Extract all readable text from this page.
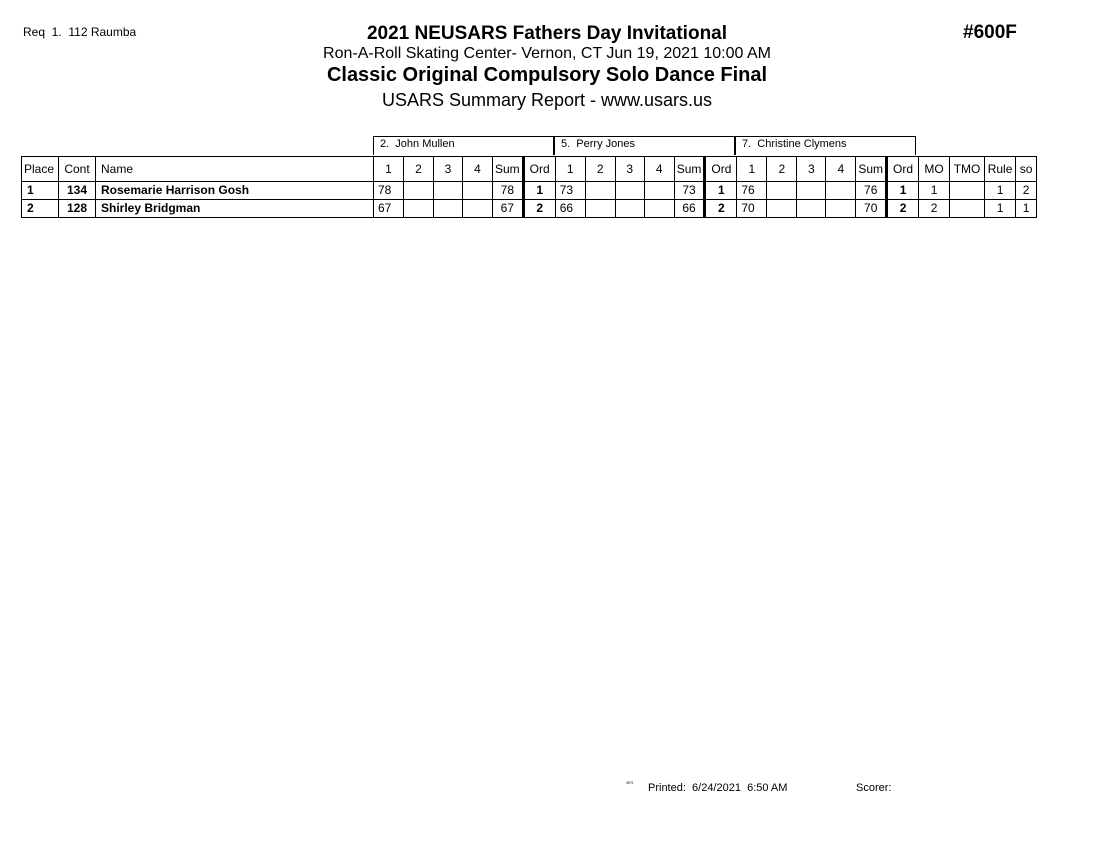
Req  1.  112 Raumba	#600F
2021 NEUSARS Fathers Day Invitational
Ron-A-Roll Skating Center- Vernon, CT Jun 19, 2021 10:00 AM
Classic Original Compulsory Solo Dance Final
USARS Summary Report - www.usars.us
2.  John Mullen	5.  Perry Jones	7.  Christine Clymens
Place	Cont	Name	1	2	3	4	Sum	Ord	1	2	3	4	Sum	Ord	1	2	3	4	Sum	Ord	MO	TMO	Rule	so
1	134	Rosemarie Harrison Gosh	78				78	1	73				73	1	76				76	1	1		1	2
2	128	Shirley Bridgman	67				67	2	66				66	2	70				70	2	2		1	1
³³⁰³ Printed:  6/24/2021  6:50 AM	Scorer:
